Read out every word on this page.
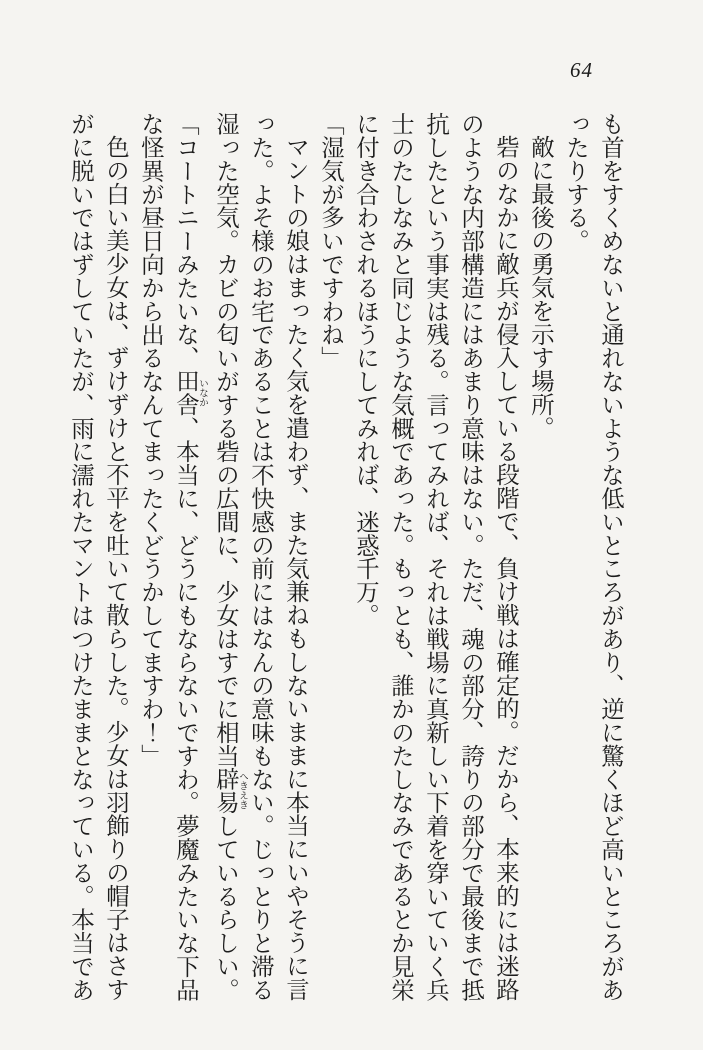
64

も首をすくめないと通れないような低いところがあり、逆に驚くほど高いところがあったりする。

敵に最後の勇気を示す場所。

砦のなかに敵兵が侵入している段階で、負け戦は確定的。だから、本来的には迷路のような内部構造にはあまり意味はない。ただ、魂の部分、誇りの部分で最後まで抵抗したという事実は残る。言ってみれば、それは戦場に真新しい下着を穿いていく兵士のたしなみと同じような気概であった。もっとも、誰かのたしなみであるとか見栄に付き合わされるほうにしてみれば、迷惑千万。

「湿気が多いですわね」

マントの娘はまったく気を遣わず、また気兼ねもしないままに本当にいやそうに言った。よそ様のお宅であることは不快感の前にはなんの意味もない。じっとりと滞る湿った空気。カビの匂いがする砦の広間に、少女はすでに相当辟易 へきえきしているらしい。

「コートニーみたいな、田舎 いなか、本当に、どうにもならないですわ。夢魔みたいな下品な怪異が昼日向から出るなんてまったくどうかしてますわ！」

色の白い美少女は、ずけずけと不平を吐いて散らした。少女は羽飾りの帽子はさすがに脱いではずしていたが、雨に濡れたマントはつけたままとなっている。本当であ
